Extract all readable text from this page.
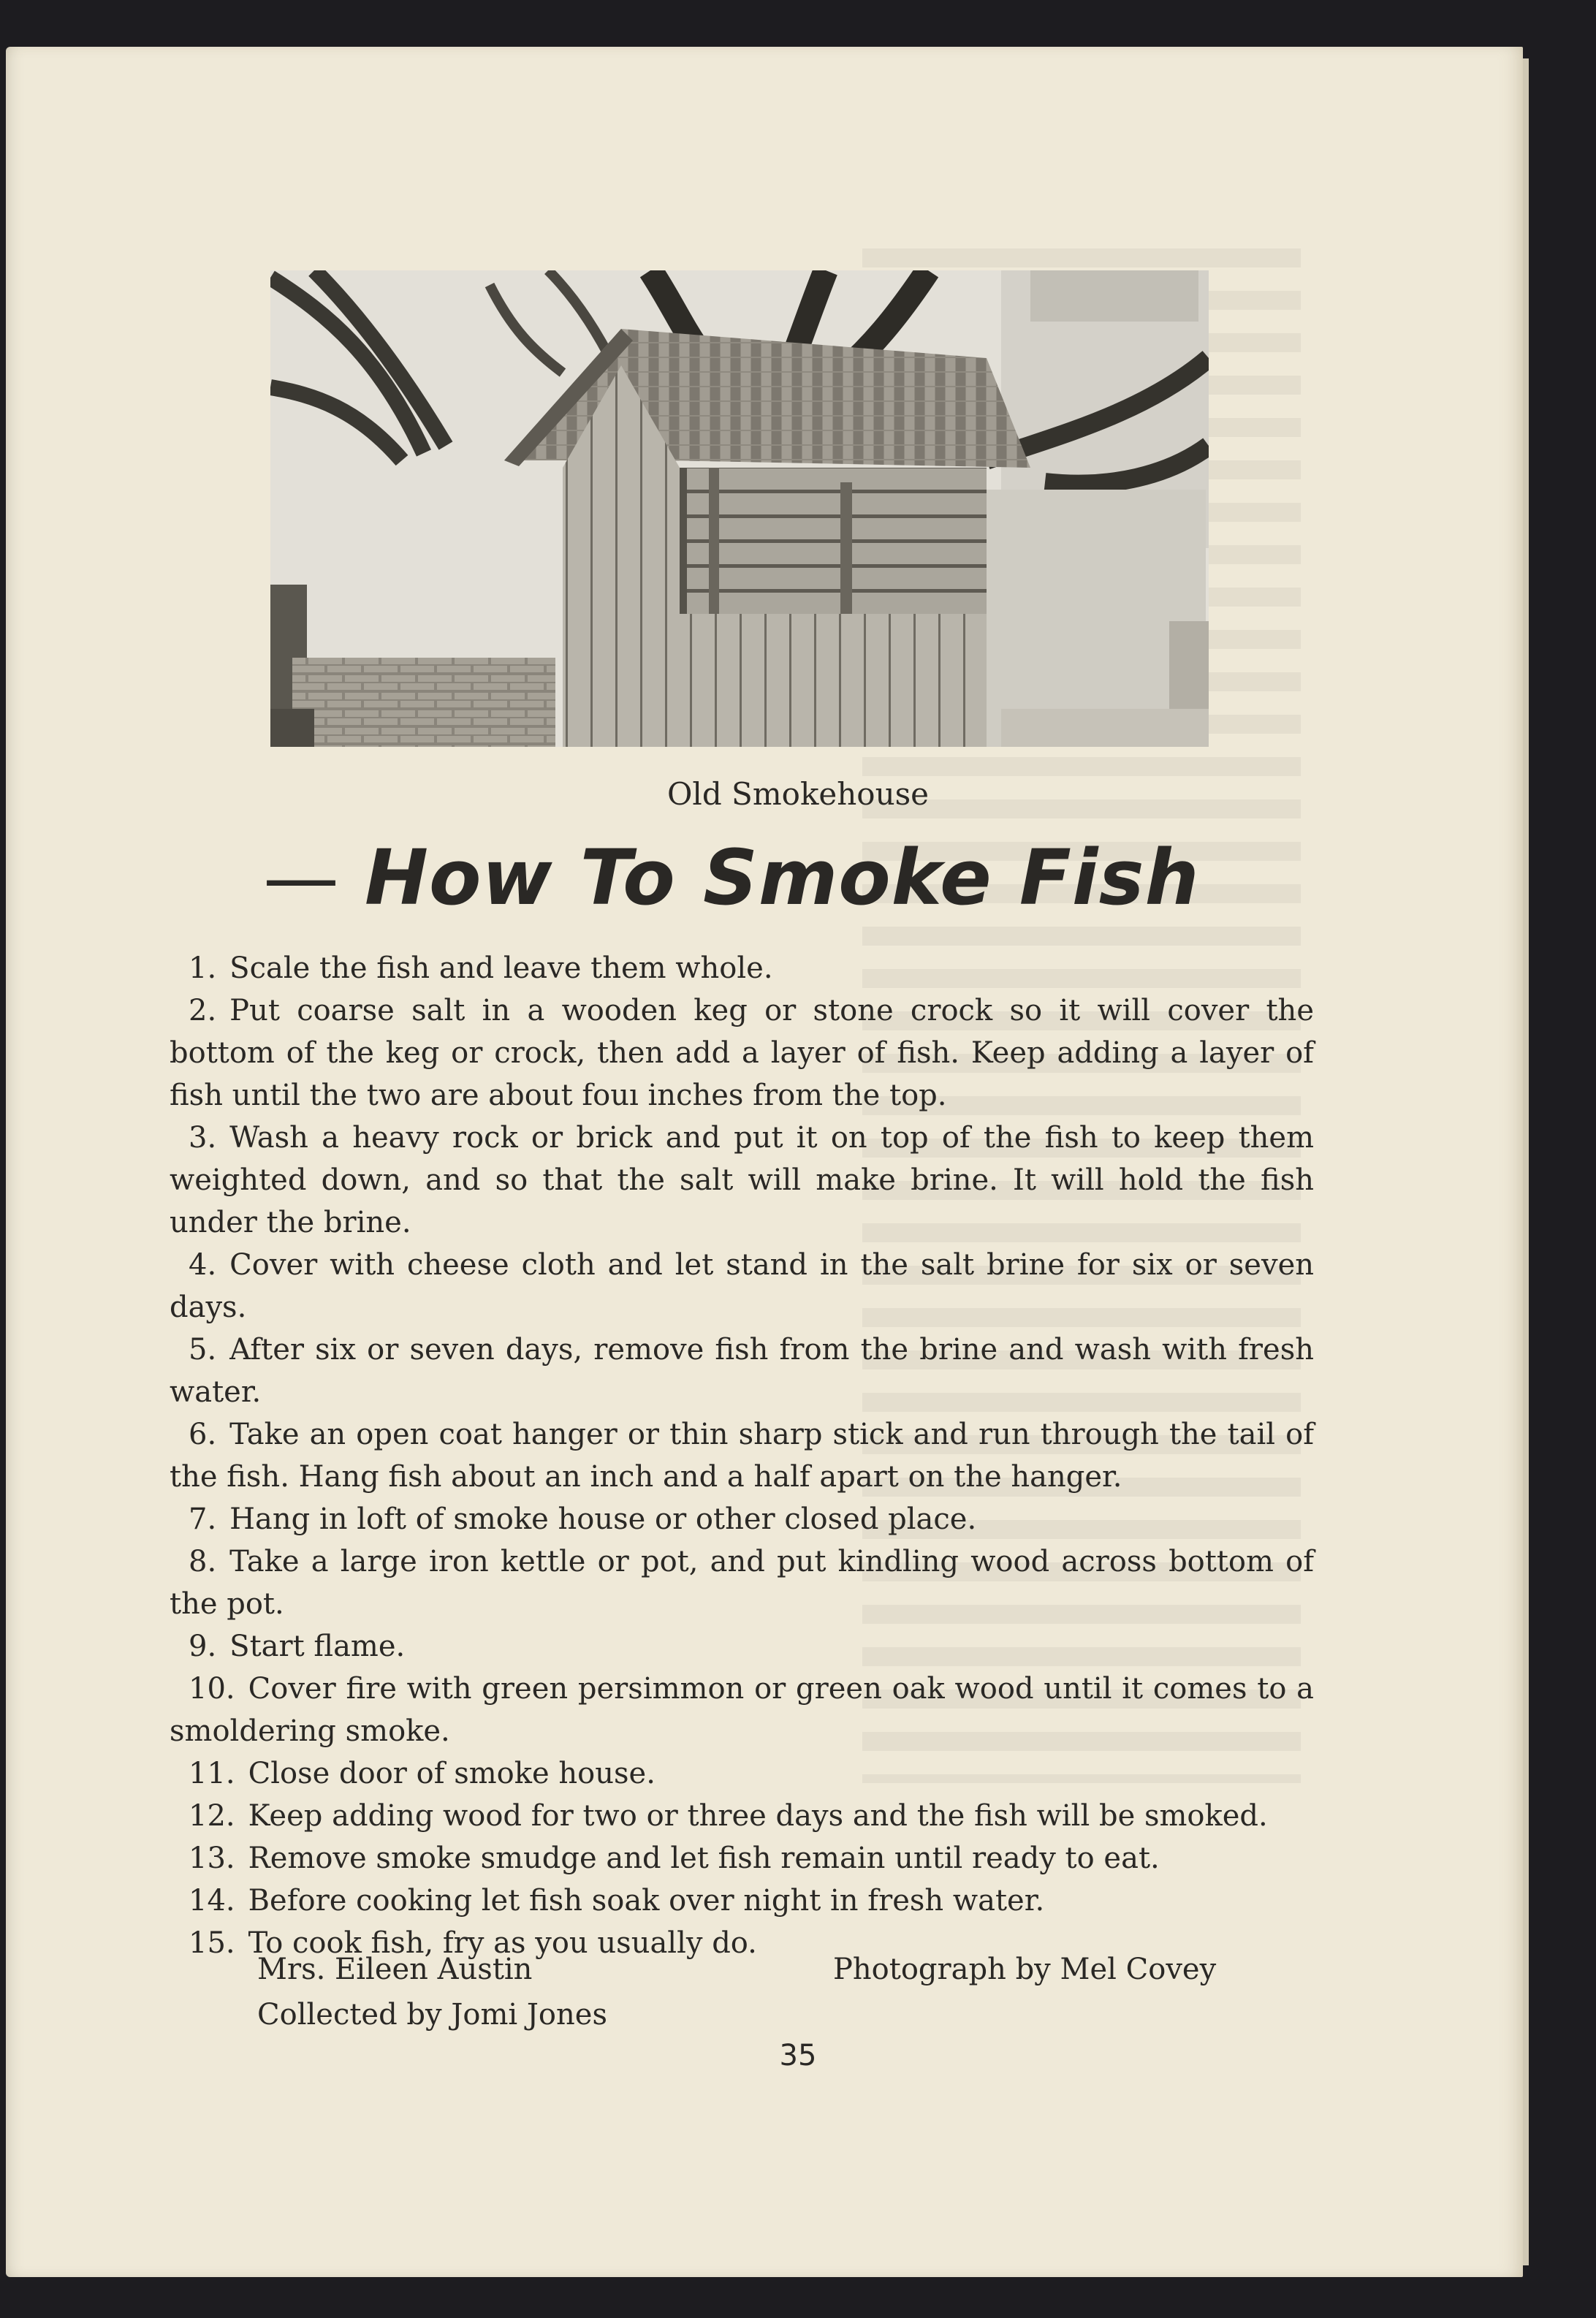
Old Smokehouse
— How To Smoke Fish

1. Scale the fish and leave them whole.

2. Put coarse salt in a wooden keg or stone crock so it will cover the bottom of the keg or crock, then add a layer of fish. Keep adding a layer of fish until the two are about fouı inches from the top.

3. Wash a heavy rock or brick and put it on top of the fish to keep them weighted down, and so that the salt will make brine. It will hold the fish under the brine.

4. Cover with cheese cloth and let stand in the salt brine for six or seven days.

5. After six or seven days, remove fish from the brine and wash with fresh water.

6. Take an open coat hanger or thin sharp stick and run through the tail of the fish. Hang fish about an inch and a half apart on the hanger.

7. Hang in loft of smoke house or other closed place.

8. Take a large iron kettle or pot, and put kindling wood across bottom of the pot.

9. Start flame.

10. Cover fire with green persimmon or green oak wood until it comes to a smoldering smoke.

11. Close door of smoke house.

12. Keep adding wood for two or three days and the fish will be smoked.

13. Remove smoke smudge and let fish remain until ready to eat.

14. Before cooking let fish soak over night in fresh water.

15. To cook fish, fry as you usually do.

Mrs. Eileen Austin
Collected by Jomi Jones
Photograph by Mel Covey
35
